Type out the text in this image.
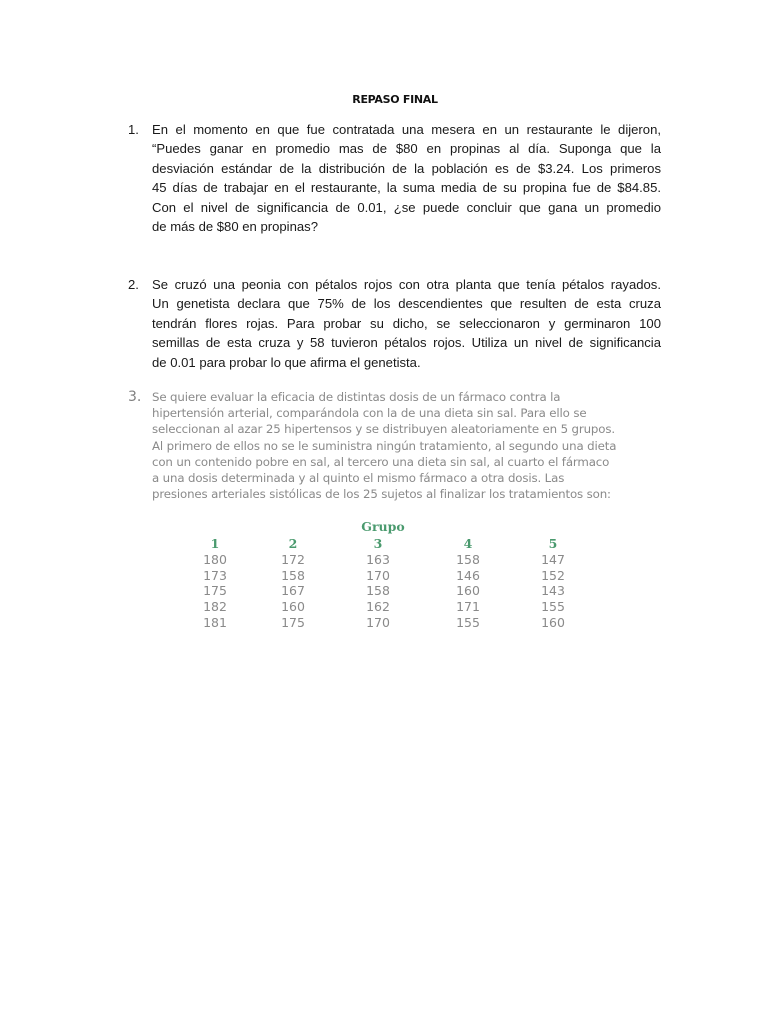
REPASO FINAL
1. En el momento en que fue contratada una mesera en un restaurante le dijeron,
“Puedes ganar en promedio mas de $80 en propinas al día. Suponga que la
desviación estándar de la distribución de la población es de $3.24. Los primeros
45 días de trabajar en el restaurante, la suma media de su propina fue de $84.85.
Con el nivel de significancia de 0.01, ¿se puede concluir que gana un promedio
de más de $80 en propinas?
2. Se cruzó una peonia con pétalos rojos con otra planta que tenía pétalos rayados.
Un genetista declara que 75% de los descendientes que resulten de esta cruza
tendrán flores rojas. Para probar su dicho, se seleccionaron y germinaron 100
semillas de esta cruza y 58 tuvieron pétalos rojos. Utiliza un nivel de significancia
de 0.01 para probar lo que afirma el genetista.
3. Se quiere evaluar la eficacia de distintas dosis de un fármaco contra la
hipertensión arterial, comparándola con la de una dieta sin sal. Para ello se
seleccionan al azar 25 hipertensos y se distribuyen aleatoriamente en 5 grupos.
Al primero de ellos no se le suministra ningún tratamiento, al segundo una dieta
con un contenido pobre en sal, al tercero una dieta sin sal, al cuarto el fármaco
a una dosis determinada y al quinto el mismo fármaco a otra dosis. Las
presiones arteriales sistólicas de los 25 sujetos al finalizar los tratamientos son:
Grupo
1	2	3	4	5
180	172	163	158	147
173	158	170	146	152
175	167	158	160	143
182	160	162	171	155
181	175	170	155	160
